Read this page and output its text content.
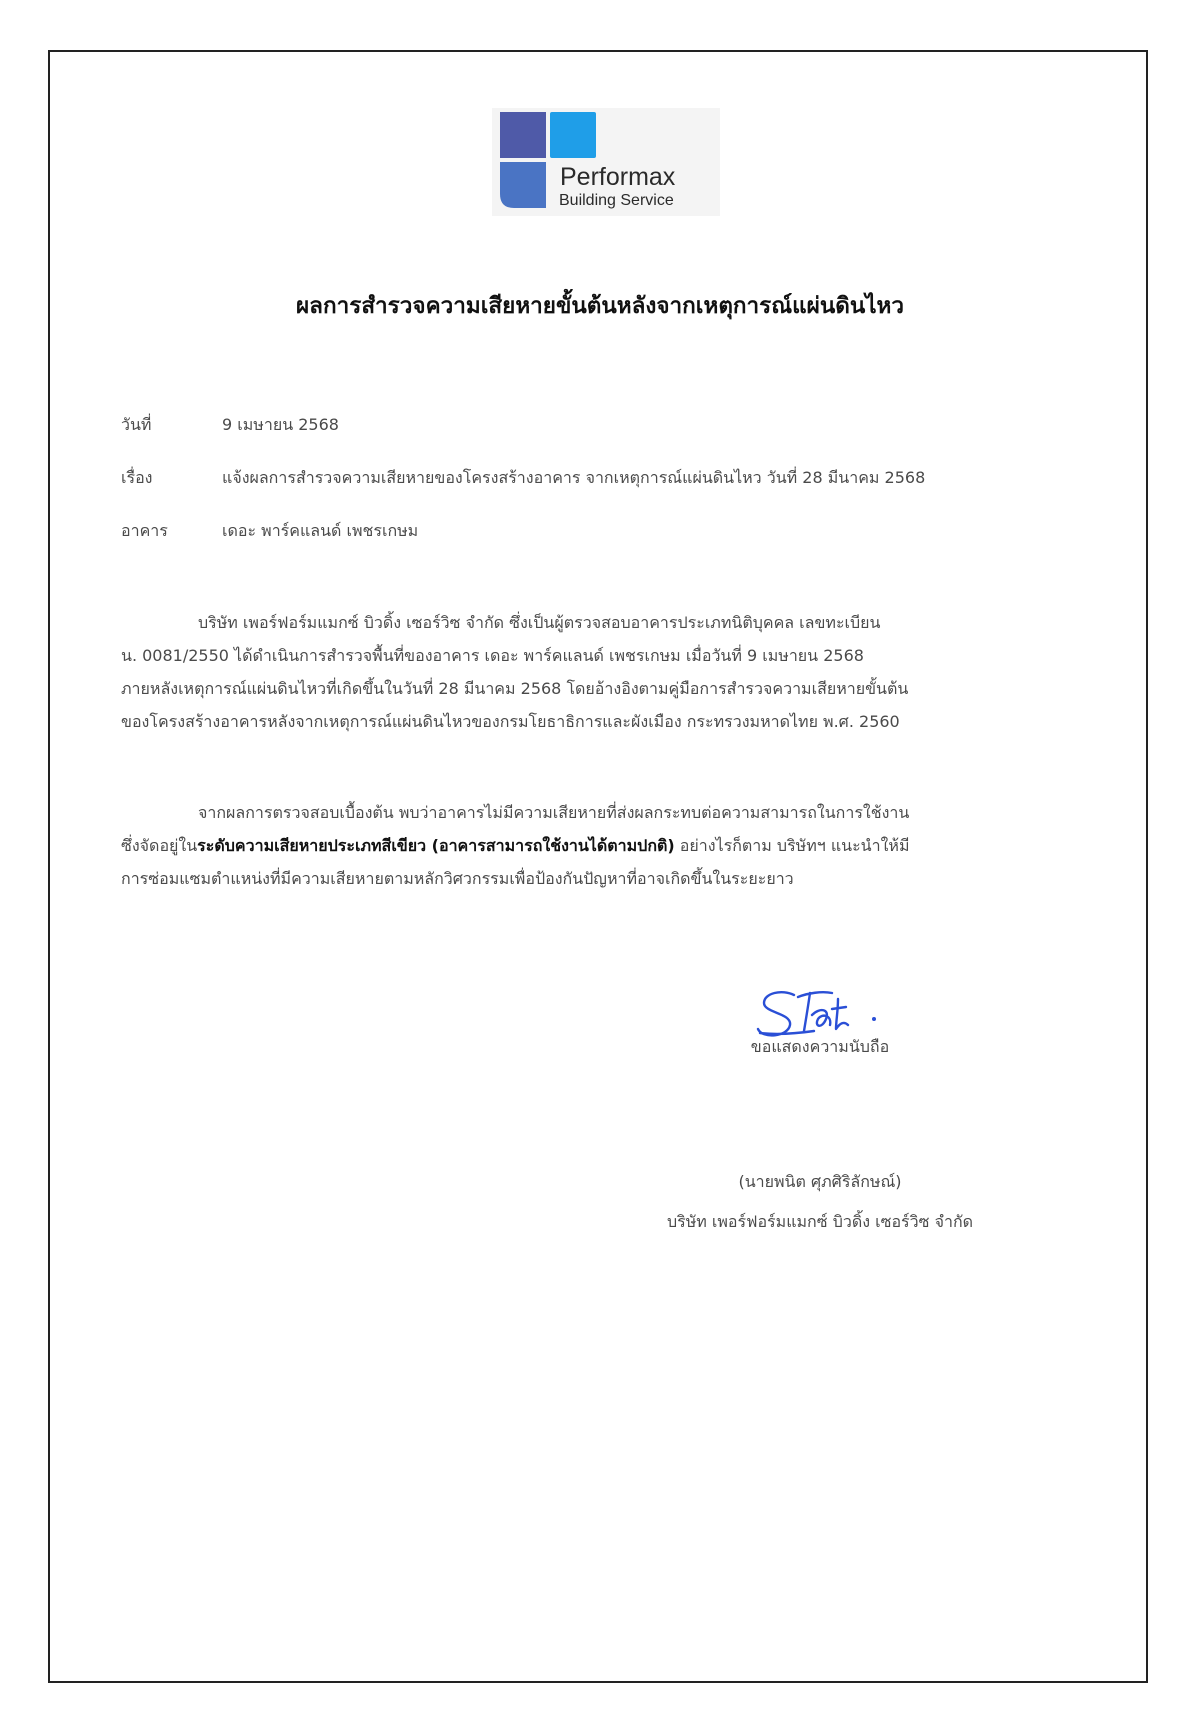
Performax
Building Service
ผลการสำรวจความเสียหายขั้นต้นหลังจากเหตุการณ์แผ่นดินไหว
วันที่	9 เมษายน 2568
เรื่อง	แจ้งผลการสำรวจความเสียหายของโครงสร้างอาคาร จากเหตุการณ์แผ่นดินไหว วันที่ 28 มีนาคม 2568
อาคาร	เดอะ พาร์คแลนด์ เพชรเกษม
บริษัท เพอร์ฟอร์มแมกซ์ บิวดิ้ง เซอร์วิซ จำกัด ซึ่งเป็นผู้ตรวจสอบอาคารประเภทนิติบุคคล เลขทะเบียน
น. 0081/2550 ได้ดำเนินการสำรวจพื้นที่ของอาคาร เดอะ พาร์คแลนด์ เพชรเกษม เมื่อวันที่ 9 เมษายน 2568
ภายหลังเหตุการณ์แผ่นดินไหวที่เกิดขึ้นในวันที่ 28 มีนาคม 2568 โดยอ้างอิงตามคู่มือการสำรวจความเสียหายขั้นต้น
ของโครงสร้างอาคารหลังจากเหตุการณ์แผ่นดินไหวของกรมโยธาธิการและผังเมือง กระทรวงมหาดไทย พ.ศ. 2560
จากผลการตรวจสอบเบื้องต้น พบว่าอาคารไม่มีความเสียหายที่ส่งผลกระทบต่อความสามารถในการใช้งาน
ซึ่งจัดอยู่ในระดับความเสียหายประเภทสีเขียว (อาคารสามารถใช้งานได้ตามปกติ) อย่างไรก็ตาม บริษัทฯ แนะนำให้มี
การซ่อมแซมตำแหน่งที่มีความเสียหายตามหลักวิศวกรรมเพื่อป้องกันปัญหาที่อาจเกิดขึ้นในระยะยาว
ขอแสดงความนับถือ
(นายพนิต ศุภศิริลักษณ์)
บริษัท เพอร์ฟอร์มแมกซ์ บิวดิ้ง เซอร์วิซ จำกัด
